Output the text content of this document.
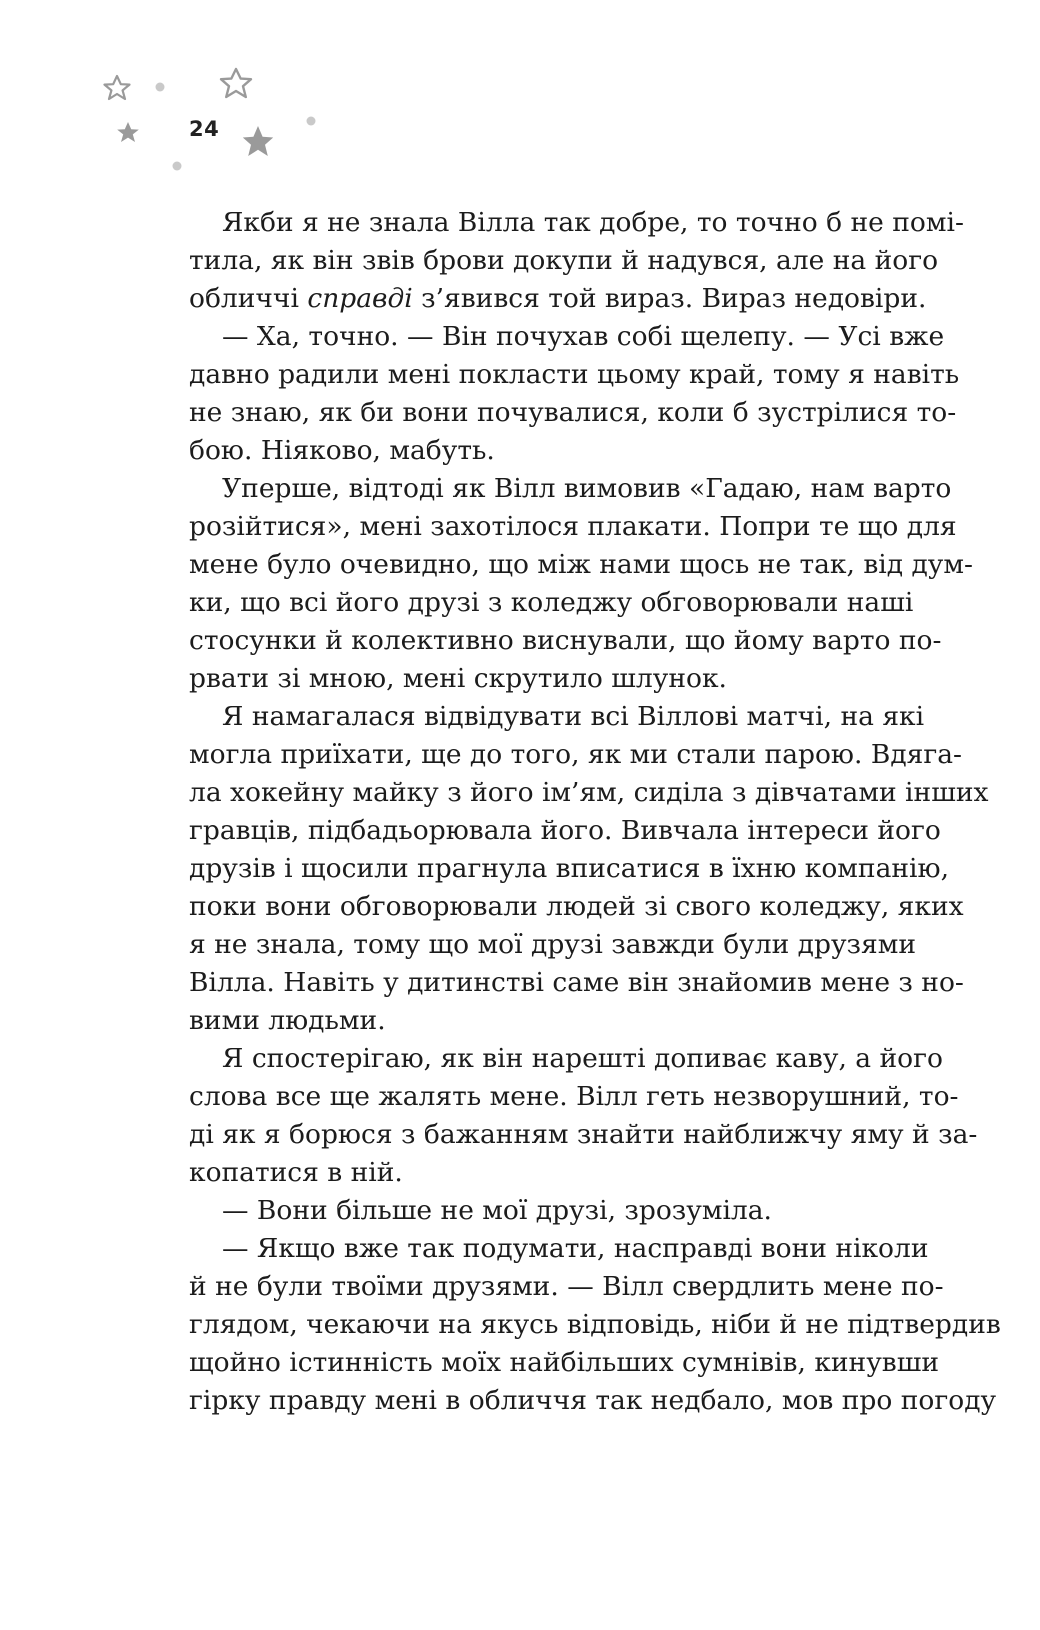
24
Якби я не знала Вілла так добре, то точно б не помі-
тила, як він звів брови докупи й надувся, але на його
обличчі справді з’явився той вираз. Вираз недовіри.
— Ха, точно. — Він почухав собі щелепу. — Усі вже
давно радили мені покласти цьому край, тому я навіть
не знаю, як би вони почувалися, коли б зустрілися то-
бою. Ніяково, мабуть.
Уперше, відтоді як Вілл вимовив «Гадаю, нам варто
розійтися», мені захотілося плакати. Попри те що для
мене було очевидно, що між нами щось не так, від дум-
ки, що всі його друзі з коледжу обговорювали наші
стосунки й колективно виснували, що йому варто по-
рвати зі мною, мені скрутило шлунок.
Я намагалася відвідувати всі Віллові матчі, на які
могла приїхати, ще до того, як ми стали парою. Вдяга-
ла хокейну майку з його ім’ям, сиділа з дівчатами інших
гравців, підбадьорювала його. Вивчала інтереси його
друзів і щосили прагнула вписатися в їхню компанію,
поки вони обговорювали людей зі свого коледжу, яких
я не знала, тому що мої друзі завжди були друзями
Вілла. Навіть у дитинстві саме він знайомив мене з но-
вими людьми.
Я спостерігаю, як він нарешті допиває каву, а його
слова все ще жалять мене. Вілл геть незворушний, то-
ді як я борюся з бажанням знайти найближчу яму й за-
копатися в ній.
— Вони більше не мої друзі, зрозуміла.
— Якщо вже так подумати, насправді вони ніколи
й не були твоїми друзями. — Вілл свердлить мене по-
глядом, чекаючи на якусь відповідь, ніби й не підтвердив
щойно істинність моїх найбільших сумнівів, кинувши
гірку правду мені в обличчя так недбало, мов про погоду
